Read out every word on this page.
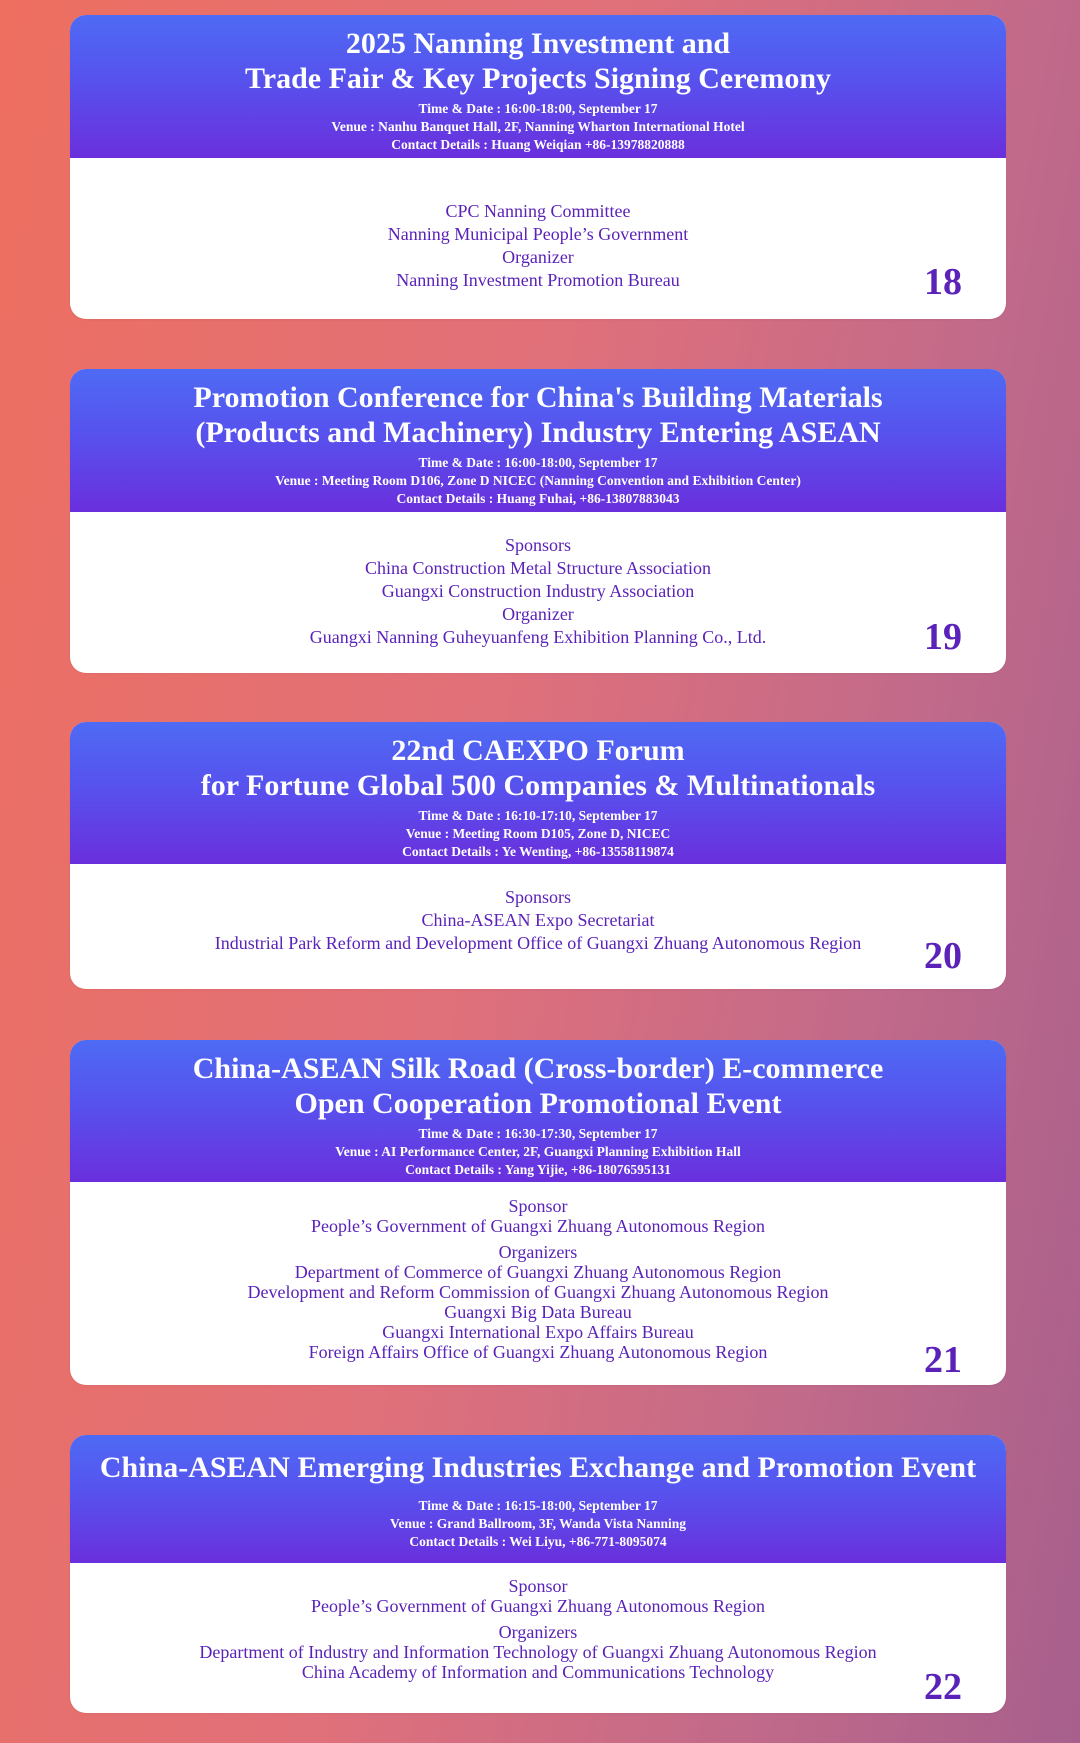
2025 Nanning Investment and
Trade Fair & Key Projects Signing Ceremony
Time & Date : 16:00-18:00, September 17
Venue : Nanhu Banquet Hall, 2F, Nanning Wharton International Hotel
Contact Details : Huang Weiqian +86-13978820888
CPC Nanning Committee
Nanning Municipal People’s Government
Organizer
Nanning Investment Promotion Bureau	18
Promotion Conference for China's Building Materials
(Products and Machinery) Industry Entering ASEAN
Time & Date : 16:00-18:00, September 17
Venue : Meeting Room D106, Zone D NICEC (Nanning Convention and Exhibition Center)
Contact Details : Huang Fuhai, +86-13807883043
Sponsors
China Construction Metal Structure Association
Guangxi Construction Industry Association
Organizer
Guangxi Nanning Guheyuanfeng Exhibition Planning Co., Ltd.	19
22nd CAEXPO Forum
for Fortune Global 500 Companies & Multinationals
Time & Date : 16:10-17:10, September 17
Venue : Meeting Room D105, Zone D, NICEC
Contact Details : Ye Wenting, +86-13558119874
Sponsors
China-ASEAN Expo Secretariat
Industrial Park Reform and Development Office of Guangxi Zhuang Autonomous Region	20
China-ASEAN Silk Road (Cross-border) E-commerce
Open Cooperation Promotional Event
Time & Date : 16:30-17:30, September 17
Venue : AI Performance Center, 2F, Guangxi Planning Exhibition Hall
Contact Details : Yang Yijie, +86-18076595131
Sponsor
People’s Government of Guangxi Zhuang Autonomous Region
Organizers
Department of Commerce of Guangxi Zhuang Autonomous Region
Development and Reform Commission of Guangxi Zhuang Autonomous Region
Guangxi Big Data Bureau
Guangxi International Expo Affairs Bureau
Foreign Affairs Office of Guangxi Zhuang Autonomous Region	21
China-ASEAN Emerging Industries Exchange and Promotion Event
Time & Date : 16:15-18:00, September 17
Venue : Grand Ballroom, 3F, Wanda Vista Nanning
Contact Details : Wei Liyu, +86-771-8095074
Sponsor
People’s Government of Guangxi Zhuang Autonomous Region
Organizers
Department of Industry and Information Technology of Guangxi Zhuang Autonomous Region
China Academy of Information and Communications Technology	22
